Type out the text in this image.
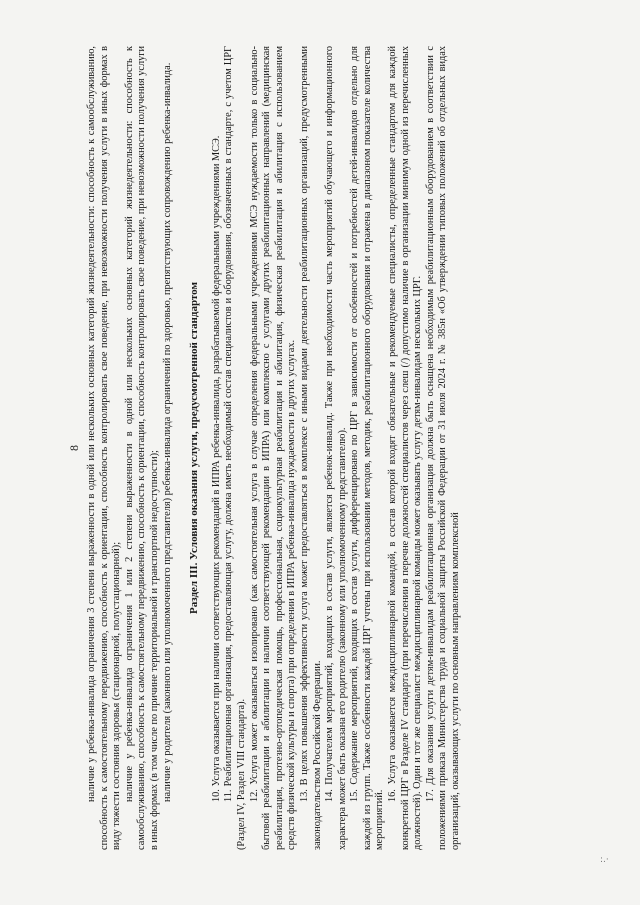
8 наличие у ребенка-инвалида ограничения 3 степени выраженности в одной или нескольких основных категорий жизнедеятельности: способность к самообслуживанию, способность к самостоятельному передвижению, способность к ориентации, способность контролировать свое поведение, при невозможности получения услуги в иных формах в виду тяжести состояния здоровья (стационарной, полустационарной); наличие у ребенка-инвалида ограничения 1 или 2 степени выраженности в одной или нескольких основных категорий жизнедеятельности: способность к самообслуживанию, способность к самостоятельному передвижению, способность к ориентации, способность контролировать свое поведение, при невозможности получения услуги в иных формах (в том числе по причине территориальной и транспортной недоступности); наличие у родителя (законного или уполномоченного представителя) ребенка-инвалида ограничений по здоровью, препятствующих сопровождению ребенка-инвалида. Раздел III. Условия оказания услуги, предусмотренной стандартом 10. Услуга оказывается при наличии соответствующих рекомендаций в ИПРА ребенка-инвалида, разрабатываемой федеральными учреждениями МСЭ. 11. Реабилитационная организация, предоставляющая услугу, должна иметь необходимый состав специалистов и оборудования, обозначенных в стандарте, с учетом ЦРГ (Раздел IV, Раздел VIII стандарта). 12. Услуга может оказываться изолировано (как самостоятельная услуга в случае определения федеральными учреждениями МСЭ нуждаемости только в социально-бытовой реабилитации и абилитации и наличии соответствующей рекомендации в ИПРА) или комплексно с услугами других реабилитационных направлений (медицинская реабилитация, протезно-ортопедическая помощь, профессиональная, социокультурная реабилитация и абилитация, физическая реабилитация и абилитация с использованием средств физической культуры и спорта) при определении в ИПРА ребенка-инвалида нуждаемости в других услугах. 13. В целях повышения эффективности услуга может предоставляться в комплексе с иными видами деятельности реабилитационных организаций, предусмотренными законодательством Российской Федерации. 14. Получателем мероприятий, входящих в состав услуги, является ребенок-инвалид. Также при необходимости часть мероприятий обучающего и информационного характера может быть оказана его родителю (законному или уполномоченному представителю). 15. Содержание мероприятий, входящих в состав услуги, дифференцировано по ЦРГ в зависимости от особенностей и потребностей детей-инвалидов отдельно для каждой из групп. Также особенности каждой ЦРГ учтены при использовании методов, методик, реабилитационного оборудования и отражена в диапазоном показателе количества мероприятий.

16. Услуга оказывается междисциплинарной командой, в состав которой входят обязательные и рекомендуемые специалисты, определенные стандартом для каждой конкретной ЦРГ в Разделе IV стандарта (при перечислении в перечне должностей специалистов через слеш (/) допустимо наличие в организации минимум одной из перечисленных должностей). Один и тот же специалист междисциплинарной команды может оказывать услугу детям-инвалидам нескольких ЦРГ. 17. Для оказания услуги детям-инвалидам реабилитационная организация должна быть оснащена необходимым реабилитационным оборудованием в соответствии с положениями приказа Министерства труда и социальной защиты Российской Федерации от 31 июля 2024 г. № 385н «Об утверждении типовых положений об отдельных видах организаций, оказывающих услуги по основным направлениям комплексной

:.·
